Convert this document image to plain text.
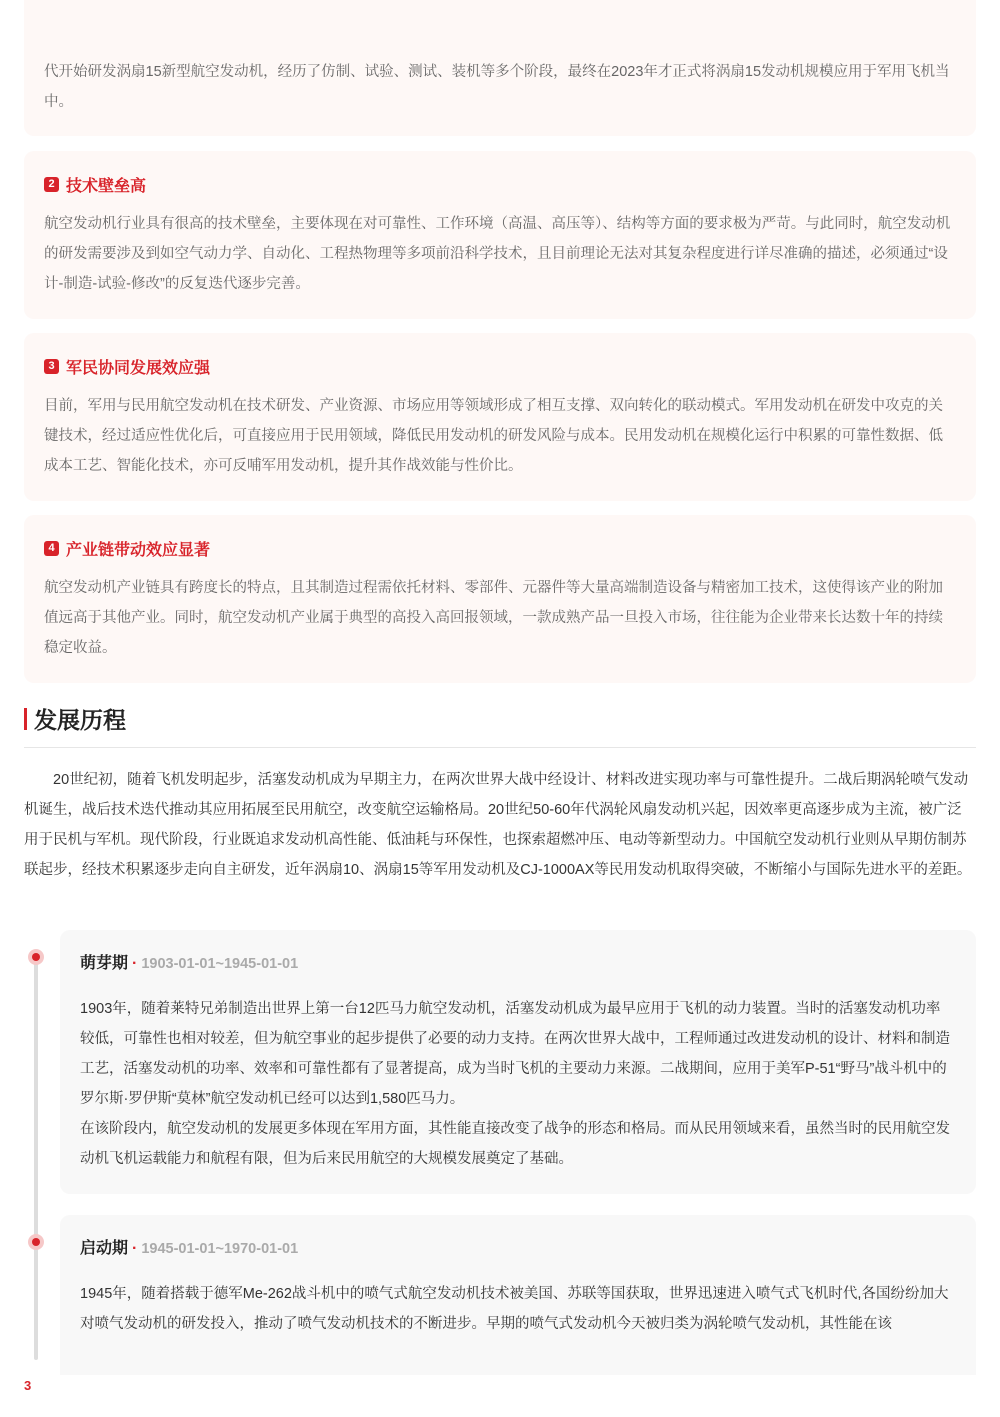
代开始研发涡扇15新型航空发动机，经历了仿制、试验、测试、装机等多个阶段，最终在2023年才正式将涡扇15发动机规模应用于军用飞机当中。

2 技术壁垒高

航空发动机行业具有很高的技术壁垒，主要体现在对可靠性、工作环境（高温、高压等）、结构等方面的要求极为严苛。与此同时，航空发动机的研发需要涉及到如空气动力学、自动化、工程热物理等多项前沿科学技术，且目前理论无法对其复杂程度进行详尽准确的描述，必须通过“设计-制造-试验-修改”的反复迭代逐步完善。

3 军民协同发展效应强

目前，军用与民用航空发动机在技术研发、产业资源、市场应用等领域形成了相互支撑、双向转化的联动模式。军用发动机在研发中攻克的关键技术，经过适应性优化后，可直接应用于民用领域，降低民用发动机的研发风险与成本。民用发动机在规模化运行中积累的可靠性数据、低成本工艺、智能化技术，亦可反哺军用发动机，提升其作战效能与性价比。

4 产业链带动效应显著

航空发动机产业链具有跨度长的特点，且其制造过程需依托材料、零部件、元器件等大量高端制造设备与精密加工技术，这使得该产业的附加值远高于其他产业。同时，航空发动机产业属于典型的高投入高回报领域，一款成熟产品一旦投入市场，往往能为企业带来长达数十年的持续稳定收益。

发展历程

20世纪初，随着飞机发明起步，活塞发动机成为早期主力，在两次世界大战中经设计、材料改进实现功率与可靠性提升。二战后期涡轮喷气发动机诞生，战后技术迭代推动其应用拓展至民用航空，改变航空运输格局。20世纪50-60年代涡轮风扇发动机兴起，因效率更高逐步成为主流，被广泛用于民机与军机。现代阶段，行业既追求发动机高性能、低油耗与环保性，也探索超燃冲压、电动等新型动力。中国航空发动机行业则从早期仿制苏联起步，经技术积累逐步走向自主研发，近年涡扇10、涡扇15等军用发动机及CJ-1000AX等民用发动机取得突破，不断缩小与国际先进水平的差距。

萌芽期 · 1903-01-01~1945-01-01

1903年，随着莱特兄弟制造出世界上第一台12匹马力航空发动机，活塞发动机成为最早应用于飞机的动力装置。当时的活塞发动机功率较低，可靠性也相对较差，但为航空事业的起步提供了必要的动力支持。在两次世界大战中，工程师通过改进发动机的设计、材料和制造工艺，活塞发动机的功率、效率和可靠性都有了显著提高，成为当时飞机的主要动力来源。二战期间，应用于美军P-51“野马”战斗机中的罗尔斯·罗伊斯“莫林”航空发动机已经可以达到1,580匹马力。

在该阶段内，航空发动机的发展更多体现在军用方面，其性能直接改变了战争的形态和格局。而从民用领域来看，虽然当时的民用航空发动机飞机运载能力和航程有限，但为后来民用航空的大规模发展奠定了基础。

启动期 · 1945-01-01~1970-01-01

1945年，随着搭载于德军Me-262战斗机中的喷气式航空发动机技术被美国、苏联等国获取，世界迅速进入喷气式飞机时代,各国纷纷加大对喷气发动机的研发投入，推动了喷气发动机技术的不断进步。早期的喷气式发动机今天被归类为涡轮喷气发动机，其性能在该

3
